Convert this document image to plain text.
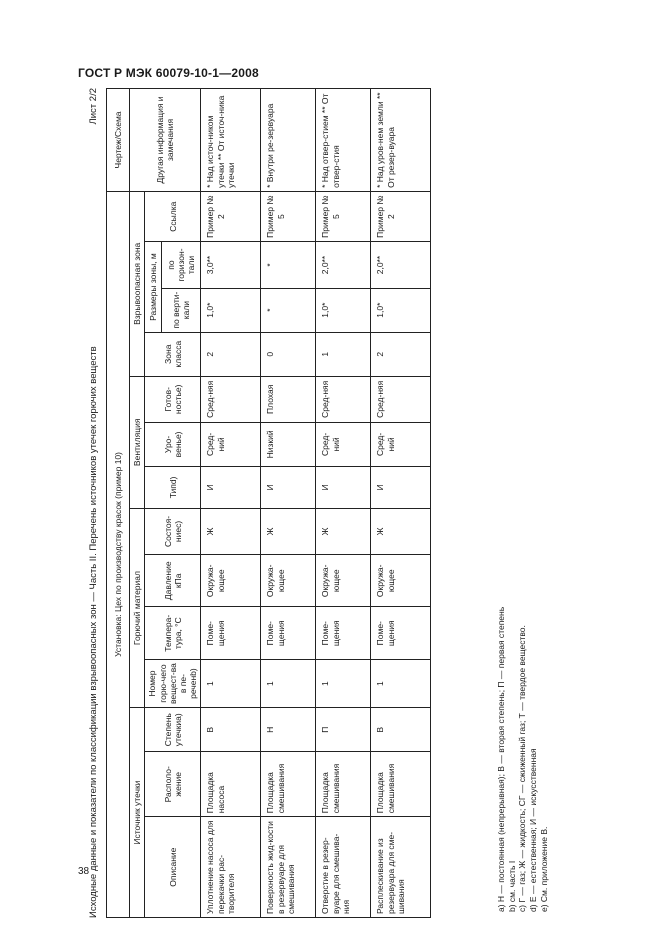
ГОСТ Р МЭК 60079-10-1—2008
38
Исходные данные и показатели по классификации взрывоопасных зон — Часть II. Перечень источников утечек горючих веществ
Лист 2/2
Установка: Цех по производству красок (пример 10)														Чертеж/Схема
Источник утечки			Горючий материал				Вентиляция			Взрывоопасная зона				Другая информация и замечания
Описание	Располо-жение	Степень утечкиa)	Номер горю-чего вещест-ва в пе-реченb)	Темпера-тура, °С	Давление кПа	Состоя-ниеc)	Типd)	Уро-веньe)	Готов-ностьe)	Зона класса	Размеры зоны, м		Ссылка	
											по верти-кали	по горизон-тали		
Уплотнение насоса для перекачки рас-творителя	Площадка насоса	В	1	Поме-щения	Окружа-ющее	Ж	И	Сред-ний	Сред-няя	2	1,0*	3,0**	Пример № 2	* Над источ-ником утечки ** От источ-ника утечки
Поверхность жид-кости в резервуаре для смешивания	Площадка смешивания	Н	1	Поме-щения	Окружа-ющее	Ж	И	Низкий	Плохая	0	*	*	Пример № 5	* Внутри ре-зервуара
Отверстие в резер-вуаре для смешива-ния	Площадка смешивания	П	1	Поме-щения	Окружа-ющее	Ж	И	Сред-ний	Сред-няя	1	1,0*	2,0**	Пример № 5	* Над отвер-стием ** От отвер-стия
Расплескивание из резервуара для сме-шивания	Площадка смешивания	В	1	Поме-щения	Окружа-ющее	Ж	И	Сред-ний	Сред-няя	2	1,0*	2,0**	Пример № 2	* Над уров-нем земли ** От резер-вуара
a) Н — постоянная (непрерывная); В — вторая степень; П — первая степень b) см. часть I c) Г — газ; Ж — жидкость; СГ — сжиженный газ; Т — твердое вещество. d) Е — естественная; И — искусственная e) См. приложение В.
